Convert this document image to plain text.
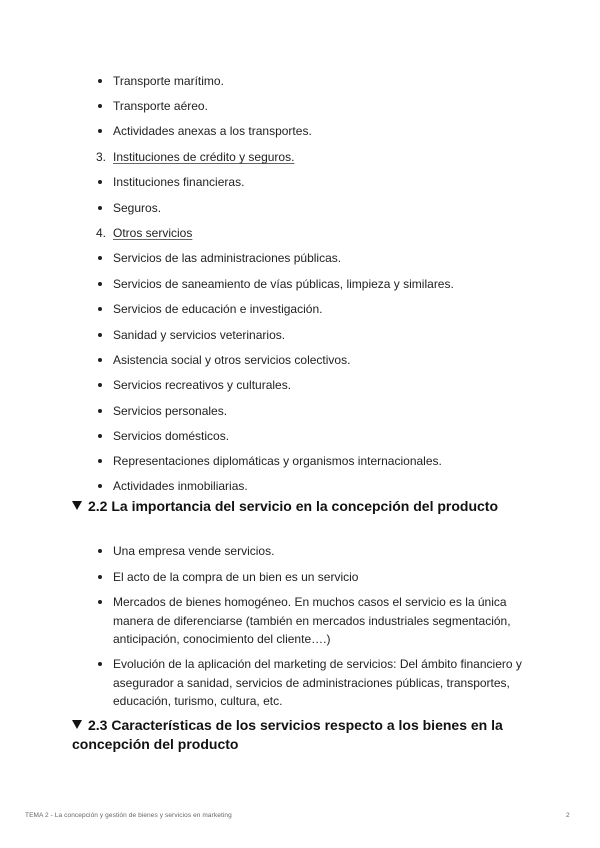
Transporte marítimo.
Transporte aéreo.
Actividades anexas a los transportes.
3. Instituciones de crédito y seguros.
Instituciones financieras.
Seguros.
4. Otros servicios
Servicios de las administraciones públicas.
Servicios de saneamiento de vías públicas, limpieza y similares.
Servicios de educación e investigación.
Sanidad y servicios veterinarios.
Asistencia social y otros servicios colectivos.
Servicios recreativos y culturales.
Servicios personales.
Servicios domésticos.
Representaciones diplomáticas y organismos internacionales.
Actividades inmobiliarias.
2.2 La importancia del servicio en la concepción del producto
Una empresa vende servicios.
El acto de la compra de un bien es un servicio
Mercados de bienes homogéneo. En muchos casos el servicio es la única manera de diferenciarse (también en mercados industriales segmentación, anticipación, conocimiento del cliente….)
Evolución de la aplicación del marketing de servicios: Del ámbito financiero y asegurador a sanidad, servicios de administraciones públicas, transportes, educación, turismo, cultura, etc.
2.3 Características de los servicios respecto a los bienes en la concepción del producto
TEMA 2 - La concepción y gestión de bienes y servicios en marketing	2
